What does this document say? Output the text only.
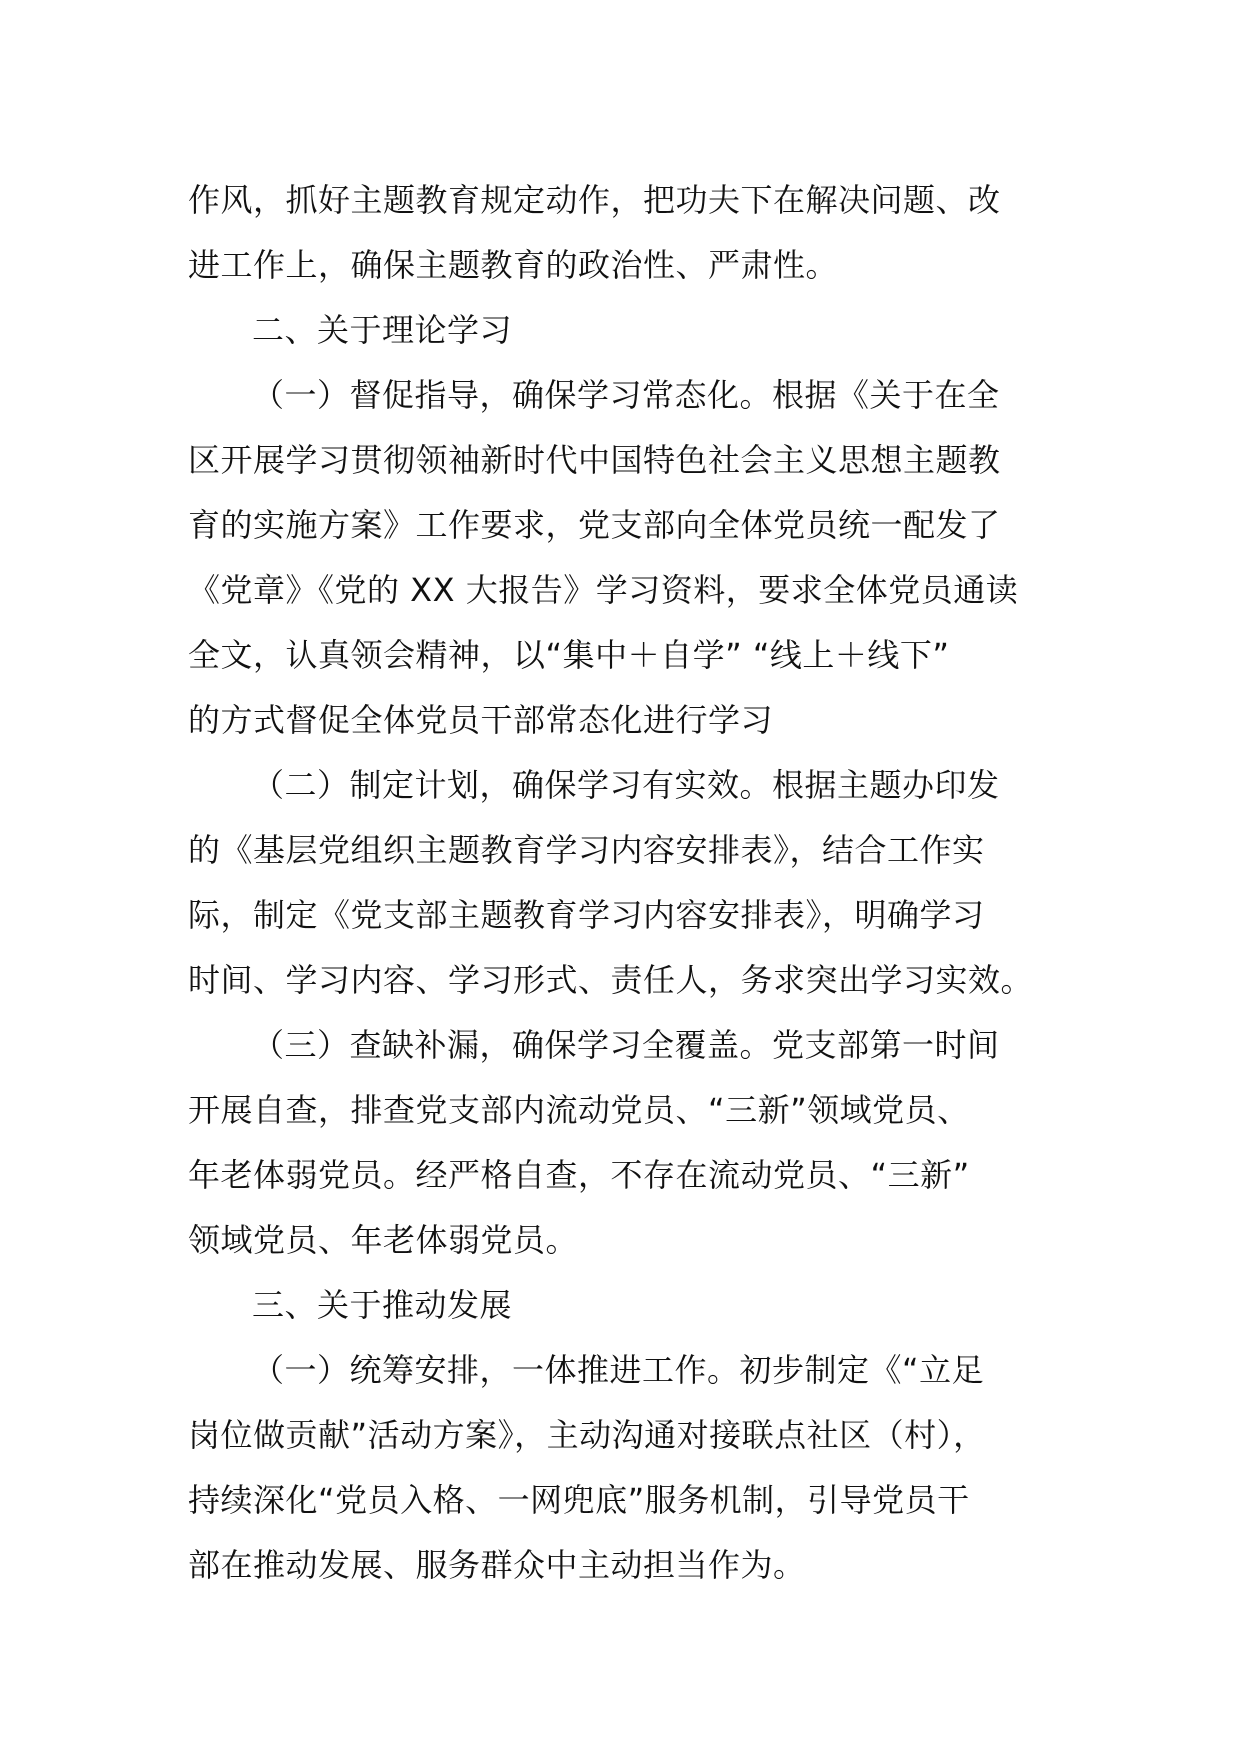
作风，抓好主题教育规定动作，把功夫下在解决问题、改
进工作上，确保主题教育的政治性、严肃性。
二、关于理论学习
（一）督促指导，确保学习常态化。根据《关于在全
区开展学习贯彻领袖新时代中国特色社会主义思想主题教
育的实施方案》工作要求，党支部向全体党员统一配发了
《党章》《党的 XX 大报告》学习资料，要求全体党员通读
全文，认真领会精神，以“集中＋自学” “线上＋线下”
的方式督促全体党员干部常态化进行学习
（二）制定计划，确保学习有实效。根据主题办印发
的《基层党组织主题教育学习内容安排表》，结合工作实
际，制定《党支部主题教育学习内容安排表》，明确学习
时间、学习内容、学习形式、责任人，务求突出学习实效。
（三）查缺补漏，确保学习全覆盖。党支部第一时间
开展自查，排查党支部内流动党员、“三新”领域党员、
年老体弱党员。经严格自查，不存在流动党员、“三新”
领域党员、年老体弱党员。
三、关于推动发展
（一）统筹安排，一体推进工作。初步制定《“立足
岗位做贡献”活动方案》，主动沟通对接联点社区（村），
持续深化“党员入格、一网兜底”服务机制，引导党员干
部在推动发展、服务群众中主动担当作为。
